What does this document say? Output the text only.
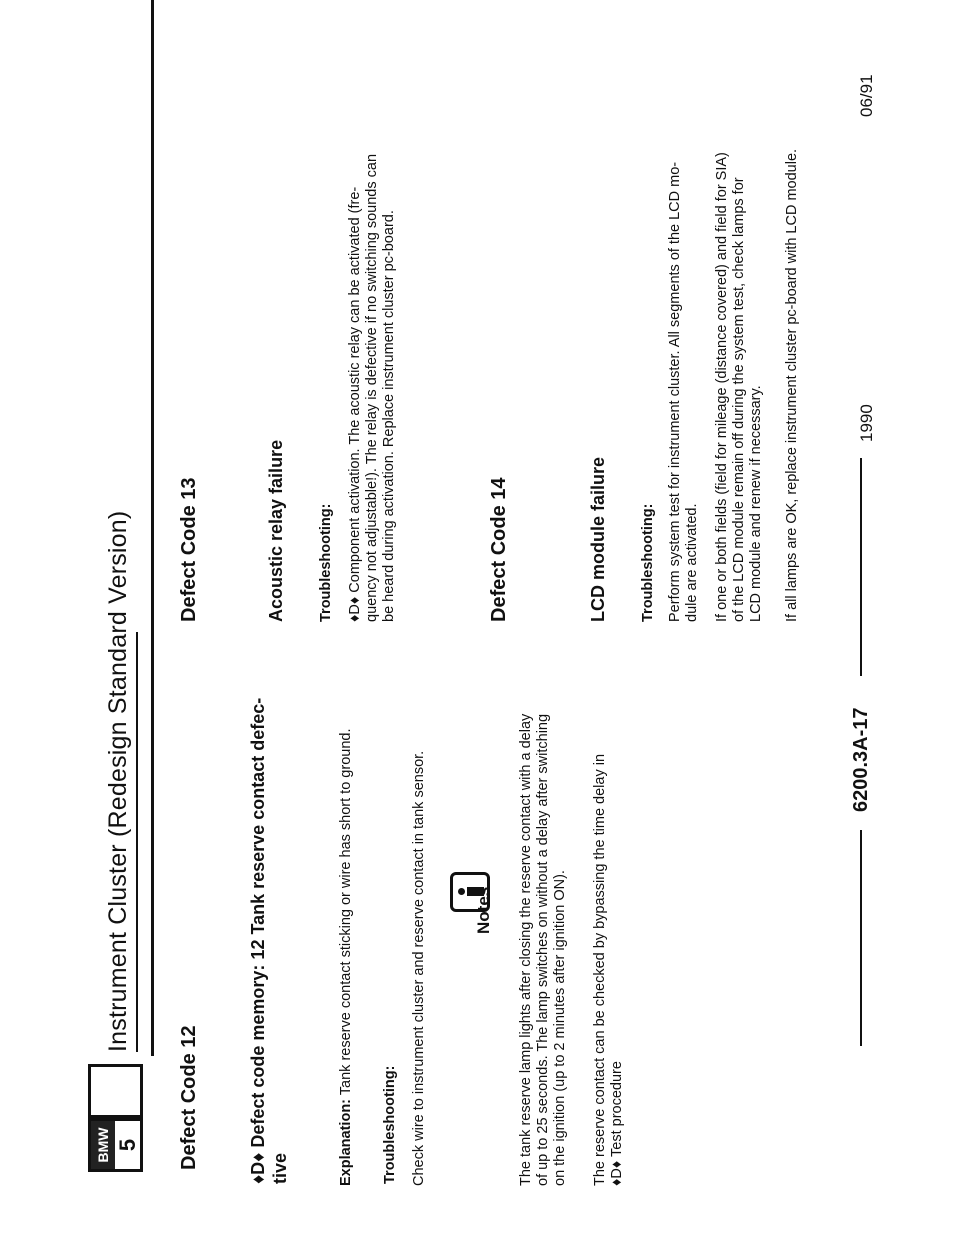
06/91
6200.3A-17
1990
BMW 5
Instrument Cluster (Redesign Standard Version)
Defect Code 12	♦D♦ Defect code memory: 12 Tank reserve contact defec- tive	Explanation: Tank reserve contact sticking or wire has short to ground.
Troubleshooting: Check wire to instrument cluster and reserve contact in tank sensor.	Notes The tank reserve lamp lights after closing the reserve contact with a delay of up to 25 seconds. The lamp switches on without a delay after switching on the ignition (up to 2 minutes after ignition ON). The reserve contact can be checked by bypassing the time delay in ♦D♦ Test procedure
Defect Code 13	Acoustic relay failure Troubleshooting: ♦D♦ Component activation. The acoustic relay can be activated (fre- quency not adjustable!). The relay is defective if no switching sounds can be heard during activation. Replace instrument cluster pc-board.	Defect Code 14	LCD module failure Troubleshooting: Perform system test for instrument cluster. All segments of the LCD mo- dule are activated. If one or both fields (field for mileage (distance covered) and field for SIA) of the LCD module remain off during the system test, check lamps for LCD module and renew if necessary. If all lamps are OK, replace instrument cluster pc-board with LCD module.
